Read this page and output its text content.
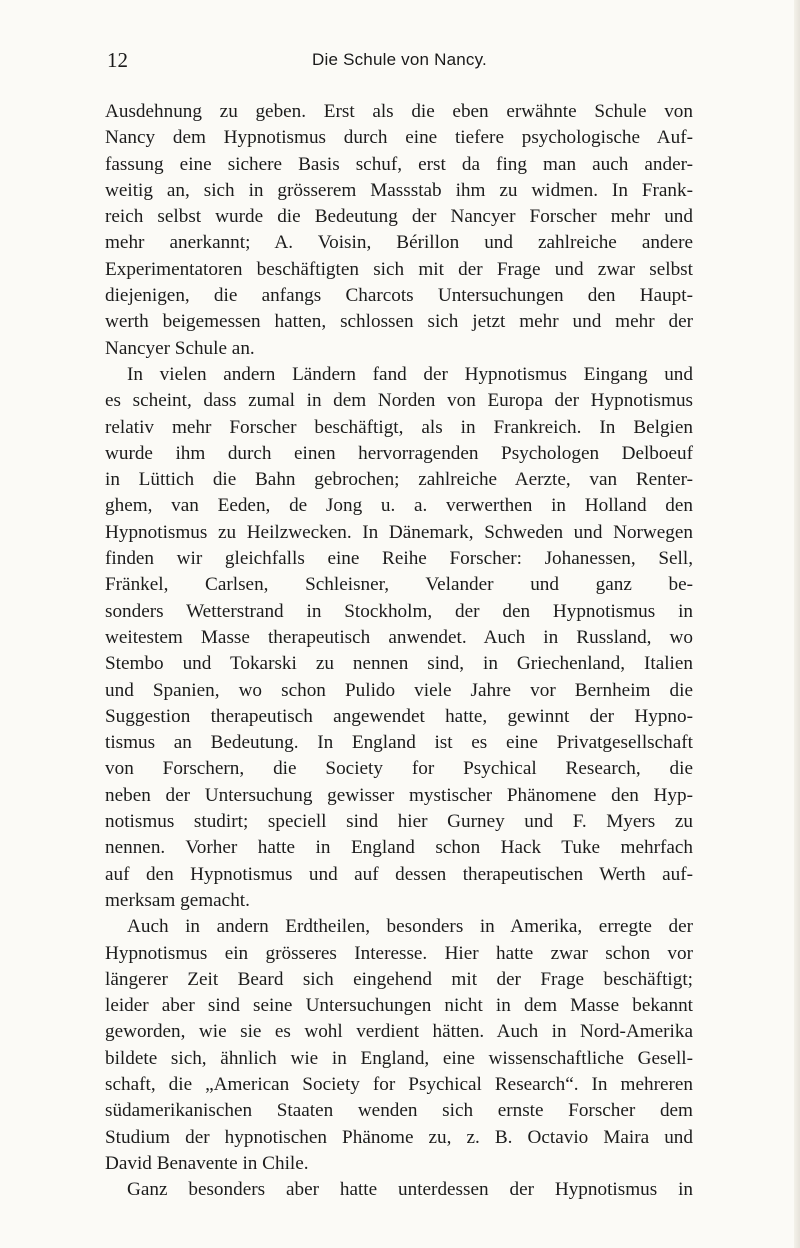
12	Die Schule von Nancy.
Ausdehnung zu geben. Erst als die eben erwähnte Schule von
Nancy dem Hypnotismus durch eine tiefere psychologische Auf-
fassung eine sichere Basis schuf, erst da fing man auch ander-
weitig an, sich in grösserem Massstab ihm zu widmen. In Frank-
reich selbst wurde die Bedeutung der Nancyer Forscher mehr und
mehr anerkannt; A. Voisin, Bérillon und zahlreiche andere
Experimentatoren beschäftigten sich mit der Frage und zwar selbst
diejenigen, die anfangs Charcots Untersuchungen den Haupt-
werth beigemessen hatten, schlossen sich jetzt mehr und mehr der
Nancyer Schule an.
In vielen andern Ländern fand der Hypnotismus Eingang und
es scheint, dass zumal in dem Norden von Europa der Hypnotismus
relativ mehr Forscher beschäftigt, als in Frankreich. In Belgien
wurde ihm durch einen hervorragenden Psychologen Delboeuf
in Lüttich die Bahn gebrochen; zahlreiche Aerzte, van Renter-
ghem, van Eeden, de Jong u. a. verwerthen in Holland den
Hypnotismus zu Heilzwecken. In Dänemark, Schweden und Norwegen
finden wir gleichfalls eine Reihe Forscher: Johanessen, Sell,
Fränkel, Carlsen, Schleisner, Velander und ganz be-
sonders Wetterstrand in Stockholm, der den Hypnotismus in
weitestem Masse therapeutisch anwendet. Auch in Russland, wo
Stembo und Tokarski zu nennen sind, in Griechenland, Italien
und Spanien, wo schon Pulido viele Jahre vor Bernheim die
Suggestion therapeutisch angewendet hatte, gewinnt der Hypno-
tismus an Bedeutung. In England ist es eine Privatgesellschaft
von Forschern, die Society for Psychical Research, die
neben der Untersuchung gewisser mystischer Phänomene den Hyp-
notismus studirt; speciell sind hier Gurney und F. Myers zu
nennen. Vorher hatte in England schon Hack Tuke mehrfach
auf den Hypnotismus und auf dessen therapeutischen Werth auf-
merksam gemacht.
Auch in andern Erdtheilen, besonders in Amerika, erregte der
Hypnotismus ein grösseres Interesse. Hier hatte zwar schon vor
längerer Zeit Beard sich eingehend mit der Frage beschäftigt;
leider aber sind seine Untersuchungen nicht in dem Masse bekannt
geworden, wie sie es wohl verdient hätten. Auch in Nord-Amerika
bildete sich, ähnlich wie in England, eine wissenschaftliche Gesell-
schaft, die „American Society for Psychical Research“. In mehreren
südamerikanischen Staaten wenden sich ernste Forscher dem
Studium der hypnotischen Phänome zu, z. B. Octavio Maira und
David Benavente in Chile.
Ganz besonders aber hatte unterdessen der Hypnotismus in
